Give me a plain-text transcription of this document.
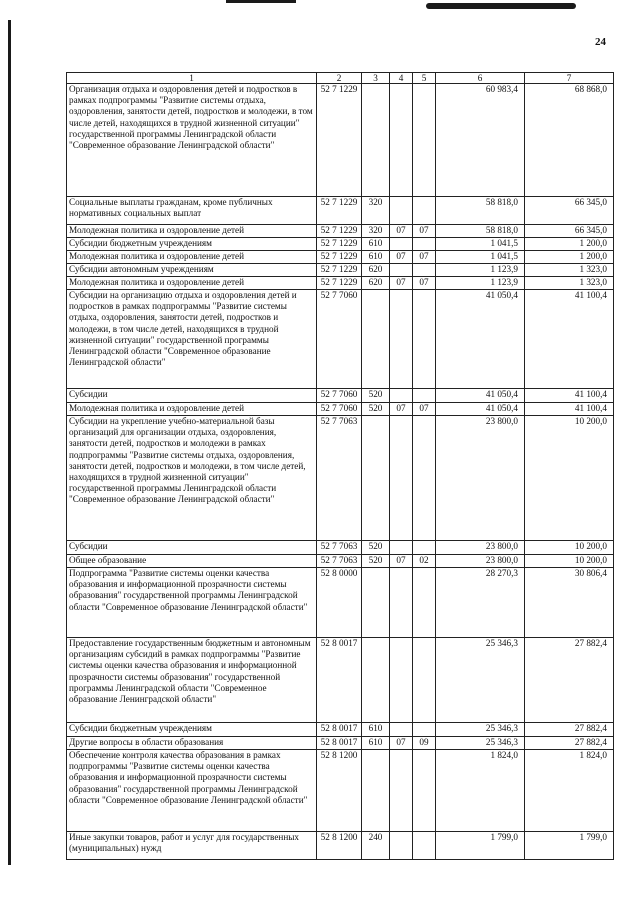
24
1	2	3	4	5	6	7
Организация отдыха и оздоровления детей и подростков в рамках подпрограммы "Развитие системы отдыха, оздоровления, занятости детей, подростков и молодежи, в том числе детей, находящихся в трудной жизненной ситуации" государственной программы Ленинградской области "Современное образование Ленинградской области"	52 7 1229				60 983,4	68 868,0
Социальные выплаты гражданам, кроме публичных нормативных социальных выплат	52 7 1229	320			58 818,0	66 345,0
Молодежная политика и оздоровление детей	52 7 1229	320	07	07	58 818,0	66 345,0
Субсидии бюджетным учреждениям	52 7 1229	610			1 041,5	1 200,0
Молодежная политика и оздоровление детей	52 7 1229	610	07	07	1 041,5	1 200,0
Субсидии автономным учреждениям	52 7 1229	620			1 123,9	1 323,0
Молодежная политика и оздоровление детей	52 7 1229	620	07	07	1 123,9	1 323,0
Субсидии на организацию отдыха и оздоровления детей и подростков в рамках подпрограммы "Развитие системы отдыха, оздоровления, занятости детей, подростков и молодежи, в том числе детей, находящихся в трудной жизненной ситуации" государственной программы Ленинградской области "Современное образование Ленинградской области"	52 7 7060				41 050,4	41 100,4
Субсидии	52 7 7060	520			41 050,4	41 100,4
Молодежная политика и оздоровление детей	52 7 7060	520	07	07	41 050,4	41 100,4
Субсидии на укрепление учебно-материальной базы организаций для организации отдыха, оздоровления, занятости детей, подростков и молодежи в рамках подпрограммы "Развитие системы отдыха, оздоровления, занятости детей, подростков и молодежи, в том числе детей, находящихся в трудной жизненной ситуации" государственной программы Ленинградской области "Современное образование Ленинградской области"	52 7 7063				23 800,0	10 200,0
Субсидии	52 7 7063	520			23 800,0	10 200,0
Общее образование	52 7 7063	520	07	02	23 800,0	10 200,0
Подпрограмма "Развитие системы оценки качества образования и информационной прозрачности системы образования" государственной программы Ленинградской области "Современное образование Ленинградской области"	52 8 0000				28 270,3	30 806,4
Предоставление государственным бюджетным и автономным организациям субсидий в рамках подпрограммы "Развитие системы оценки качества образования и информационной прозрачности системы образования" государственной программы Ленинградской области "Современное образование Ленинградской области"	52 8 0017				25 346,3	27 882,4
Субсидии бюджетным учреждениям	52 8 0017	610			25 346,3	27 882,4
Другие вопросы в области образования	52 8 0017	610	07	09	25 346,3	27 882,4
Обеспечение контроля качества образования в рамках подпрограммы "Развитие системы оценки качества образования и информационной прозрачности системы образования" государственной программы Ленинградской области "Современное образование Ленинградской области"	52 8 1200				1 824,0	1 824,0
Иные закупки товаров, работ и услуг для государственных (муниципальных) нужд	52 8 1200	240			1 799,0	1 799,0
